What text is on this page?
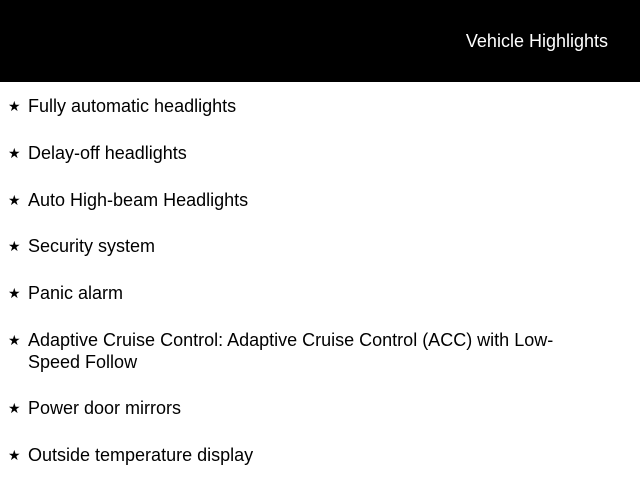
Vehicle Highlights
★ Fully automatic headlights
★ Delay-off headlights
★ Auto High-beam Headlights
★ Security system
★ Panic alarm
★ Adaptive Cruise Control: Adaptive Cruise Control (ACC) with Low-Speed Follow
★ Power door mirrors
★ Outside temperature display
